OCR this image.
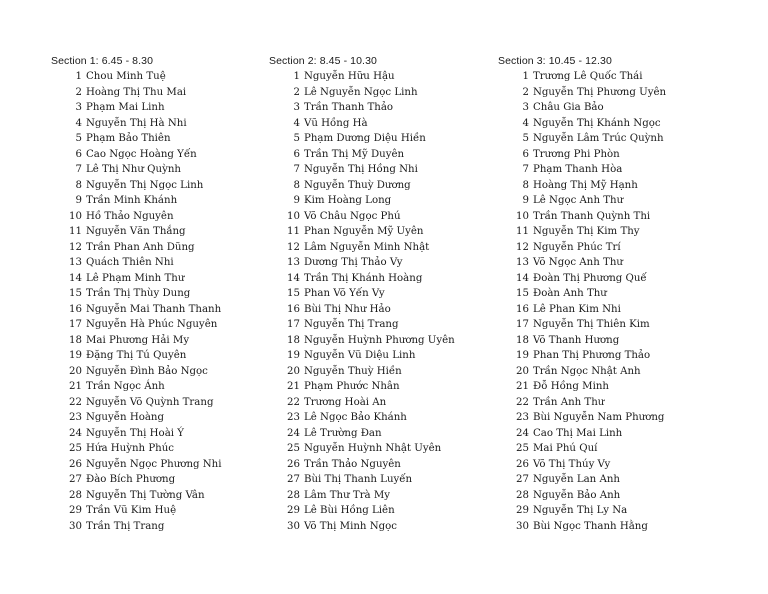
Section 1: 6.45 - 8.30
1 Chou Minh Tuệ
2 Hoàng Thị Thu Mai
3 Phạm Mai Linh
4 Nguyễn Thị Hà Nhi
5 Phạm Bảo Thiên
6 Cao Ngọc Hoàng Yến
7 Lê Thị Như Quỳnh
8 Nguyễn Thị Ngọc Linh
9 Trần Minh Khánh
10 Hồ Thảo Nguyên
11 Nguyễn Văn Thắng
12 Trần Phan Anh Dũng
13 Quách Thiên Nhi
14 Lê Phạm Minh Thư
15 Trần Thị Thùy Dung
16 Nguyễn Mai Thanh Thanh
17 Nguyễn Hà Phúc Nguyên
18 Mai Phương Hải My
19 Đặng Thị Tú Quyên
20 Nguyễn Đình Bảo Ngọc
21 Trần Ngọc Ánh
22 Nguyễn Võ Quỳnh Trang
23 Nguyễn Hoàng
24 Nguyễn Thị Hoài Ý
25 Hứa Huỳnh Phúc
26 Nguyễn Ngọc Phương Nhi
27 Đào Bích Phương
28 Nguyễn Thị Tường Vân
29 Trần Vũ Kim Huệ
30 Trần Thị Trang
Section 2: 8.45 - 10.30
1 Nguyễn Hữu Hậu
2 Lê Nguyễn Ngọc Linh
3 Trần Thanh Thảo
4 Vũ Hồng Hà
5 Phạm Dương Diệu Hiền
6 Trần Thị Mỹ Duyên
7 Nguyễn Thị Hồng Nhi
8 Nguyễn Thuỳ Dương
9 Kim Hoàng Long
10 Võ Châu Ngọc Phú
11 Phan Nguyễn Mỹ Uyên
12 Lâm Nguyễn Minh Nhật
13 Dương Thị Thảo Vy
14 Trần Thị Khánh Hoàng
15 Phan Võ Yến Vy
16 Bùi Thị Như Hảo
17 Nguyễn Thị Trang
18 Nguyễn Huỳnh Phương Uyên
19 Nguyễn Vũ Diệu Linh
20 Nguyễn Thuỳ Hiền
21 Phạm Phước Nhân
22 Trương Hoài An
23 Lê Ngọc Bảo Khánh
24 Lê Trường Đan
25 Nguyễn Huỳnh Nhật Uyên
26 Trần Thảo Nguyên
27 Bùi Thị Thanh Luyến
28 Lâm Thư Trà My
29 Lê Bùi Hồng Liên
30 Võ Thị Minh Ngọc
Section 3: 10.45 - 12.30
1 Trương Lê Quốc Thái
2 Nguyễn Thị Phương Uyên
3 Châu Gia Bảo
4 Nguyễn Thị Khánh Ngọc
5 Nguyễn Lâm Trúc Quỳnh
6 Trương Phi Phòn
7 Phạm Thanh Hòa
8 Hoàng Thị Mỹ Hạnh
9 Lê Ngọc Anh Thư
10 Trần Thanh Quỳnh Thi
11 Nguyễn Thị Kim Thy
12 Nguyễn Phúc Trí
13 Võ Ngọc Anh Thư
14 Đoàn Thị Phương Quế
15 Đoàn Anh Thư
16 Lê Phan Kim Nhi
17 Nguyễn Thị Thiên Kim
18 Võ Thanh Hương
19 Phan Thị Phương Thảo
20 Trần Ngọc Nhật Anh
21 Đỗ Hồng Minh
22 Trần Anh Thư
23 Bùi Nguyễn Nam Phương
24 Cao Thị Mai Linh
25 Mai Phú Quí
26 Võ Thị Thúy Vy
27 Nguyễn Lan Anh
28 Nguyễn Bảo Anh
29 Nguyễn Thị Ly Na
30 Bùi Ngọc Thanh Hằng
